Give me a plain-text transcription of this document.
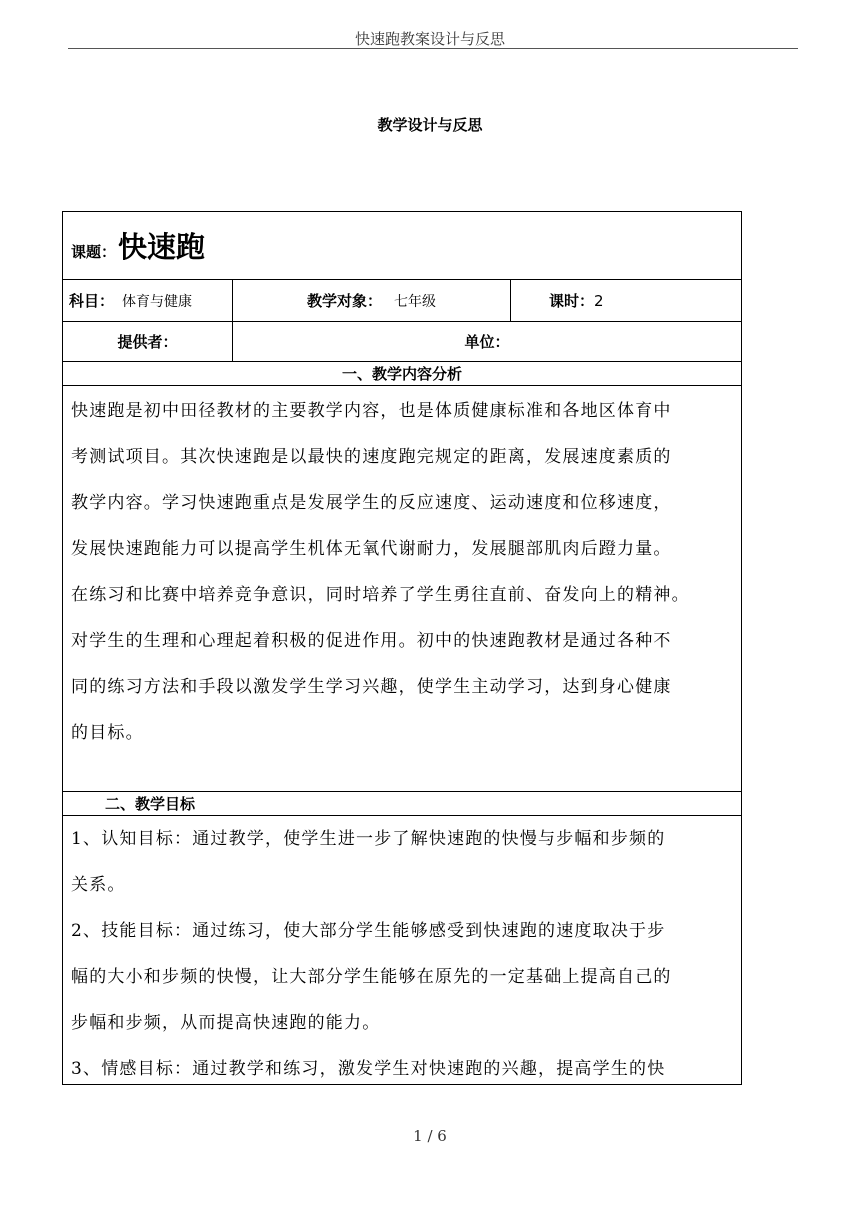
快速跑教案设计与反思
教学设计与反思
课题： 快速跑
科目： 体育与健康	教学对象： 七年级	课时： 2
提供者：	单位：
一、教学内容分析
快速跑是初中田径教材的主要教学内容，也是体质健康标准和各地区体育中
考测试项目。其次快速跑是以最快的速度跑完规定的距离，发展速度素质的
教学内容。学习快速跑重点是发展学生的反应速度、运动速度和位移速度，
发展快速跑能力可以提高学生机体无氧代谢耐力，发展腿部肌肉后蹬力量。
在练习和比赛中培养竞争意识，同时培养了学生勇往直前、奋发向上的精神。
对学生的生理和心理起着积极的促进作用。初中的快速跑教材是通过各种不
同的练习方法和手段以激发学生学习兴趣，使学生主动学习，达到身心健康
的目标。
二、教学目标
1、认知目标：通过教学，使学生进一步了解快速跑的快慢与步幅和步频的
关系。
2、技能目标：通过练习，使大部分学生能够感受到快速跑的速度取决于步
幅的大小和步频的快慢，让大部分学生能够在原先的一定基础上提高自己的
步幅和步频，从而提高快速跑的能力。
3、情感目标：通过教学和练习，激发学生对快速跑的兴趣，提高学生的快
1 / 6
